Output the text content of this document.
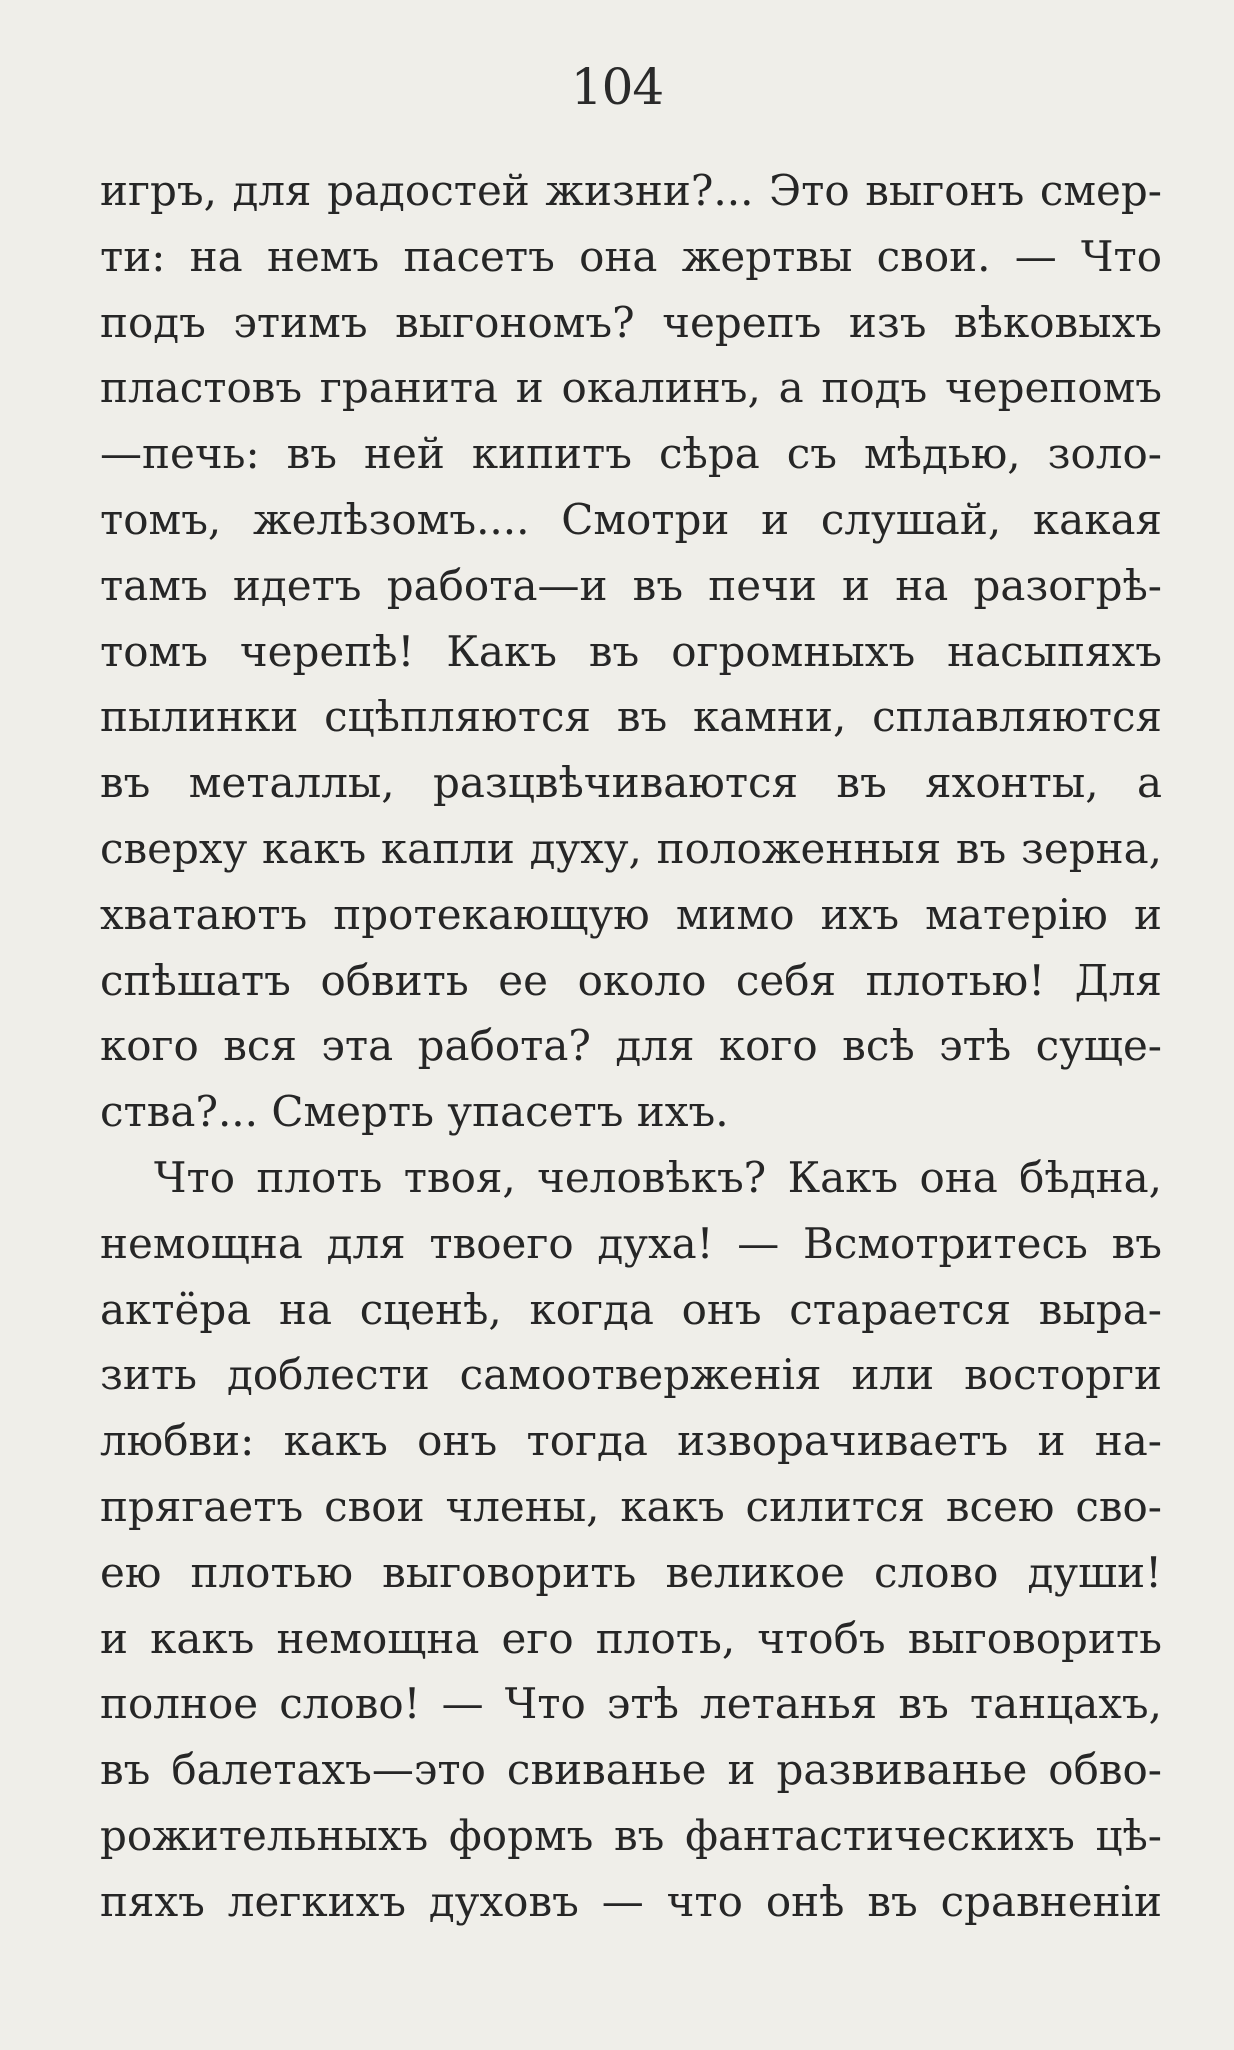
104
игръ, для радостей жизни?... Это выгонъ смер-
ти: на немъ пасетъ она жертвы свои. — Что
подъ этимъ выгономъ? черепъ изъ вѣковыхъ
пластовъ гранита и окалинъ, а подъ черепомъ
—печь: въ ней кипитъ сѣра съ мѣдью, золо-
томъ, желѣзомъ.... Смотри и слушай, какая
тамъ идетъ работа—и въ печи и на разогрѣ-
томъ черепѣ! Какъ въ огромныхъ насыпяхъ
пылинки сцѣпляются въ камни, сплавляются
въ металлы, разцвѣчиваются въ яхонты, а
сверху какъ капли духу, положенныя въ зерна,
хватаютъ протекающую мимо ихъ матерiю и
спѣшатъ обвить ее около себя плотью! Для
кого вся эта работа? для кого всѣ этѣ суще-
ства?... Смерть упасетъ ихъ.
Что плоть твоя, человѣкъ? Какъ она бѣдна,
немощна для твоего духа! — Всмотритесь въ
актёра на сценѣ, когда онъ старается выра-
зить доблести самоотверженiя или восторги
любви: какъ онъ тогда изворачиваетъ и на-
прягаетъ свои члены, какъ силится всею сво-
ею плотью выговорить великое слово души!
и какъ немощна его плоть, чтобъ выговорить
полное слово! — Что этѣ летанья въ танцахъ,
въ балетахъ—это свиванье и развиванье обво-
рожительныхъ формъ въ фантастическихъ цѣ-
пяхъ легкихъ духовъ — что онѣ въ сравненiи
